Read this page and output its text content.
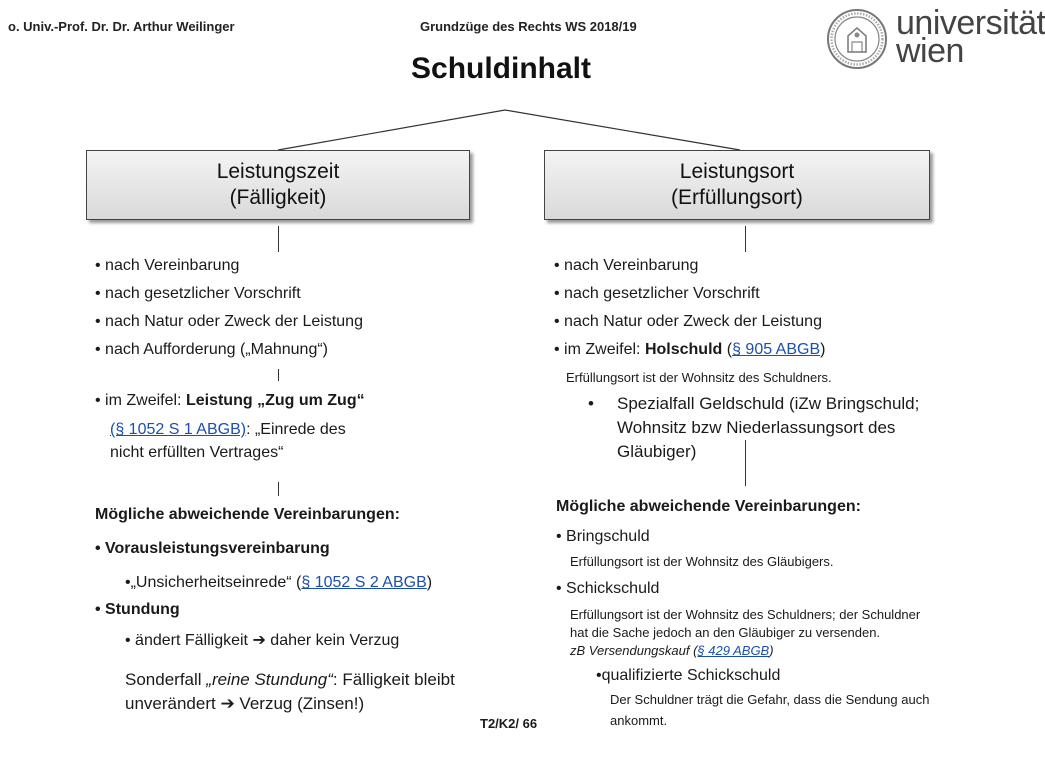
o. Univ.-Prof. Dr. Dr. Arthur Weilinger	Grundzüge des Rechts WS 2018/19	universität
wien
Schuldinhalt
Leistungszeit
(Fälligkeit)
Leistungsort
(Erfüllungsort)
• nach Vereinbarung
• nach gesetzlicher Vorschrift
• nach Natur oder Zweck der Leistung
• nach Aufforderung („Mahnung“)
• im Zweifel: Leistung „Zug um Zug“
(§ 1052 S 1 ABGB): „Einrede des
nicht erfüllten Vertrages“
Mögliche abweichende Vereinbarungen:
• Vorausleistungsvereinbarung
•„Unsicherheitseinrede“ (§ 1052 S 2 ABGB)
• Stundung
• ändert Fälligkeit ➔ daher kein Verzug
Sonderfall „reine Stundung“: Fälligkeit bleibt
unverändert ➔ Verzug (Zinsen!)
• nach Vereinbarung
• nach gesetzlicher Vorschrift
• nach Natur oder Zweck der Leistung
• im Zweifel: Holschuld (§ 905 ABGB)
Erfüllungsort ist der Wohnsitz des Schuldners.
• Spezialfall Geldschuld (iZw Bringschuld;
Wohnsitz bzw Niederlassungsort des
Gläubiger)
Mögliche abweichende Vereinbarungen:
• Bringschuld
Erfüllungsort ist der Wohnsitz des Gläubigers.
• Schickschuld
Erfüllungsort ist der Wohnsitz des Schuldners; der Schuldner
hat die Sache jedoch an den Gläubiger zu versenden.
zB Versendungskauf (§ 429 ABGB)
•qualifizierte Schickschuld
Der Schuldner trägt die Gefahr, dass die Sendung auch
ankommt.
T2/K2/ 66
